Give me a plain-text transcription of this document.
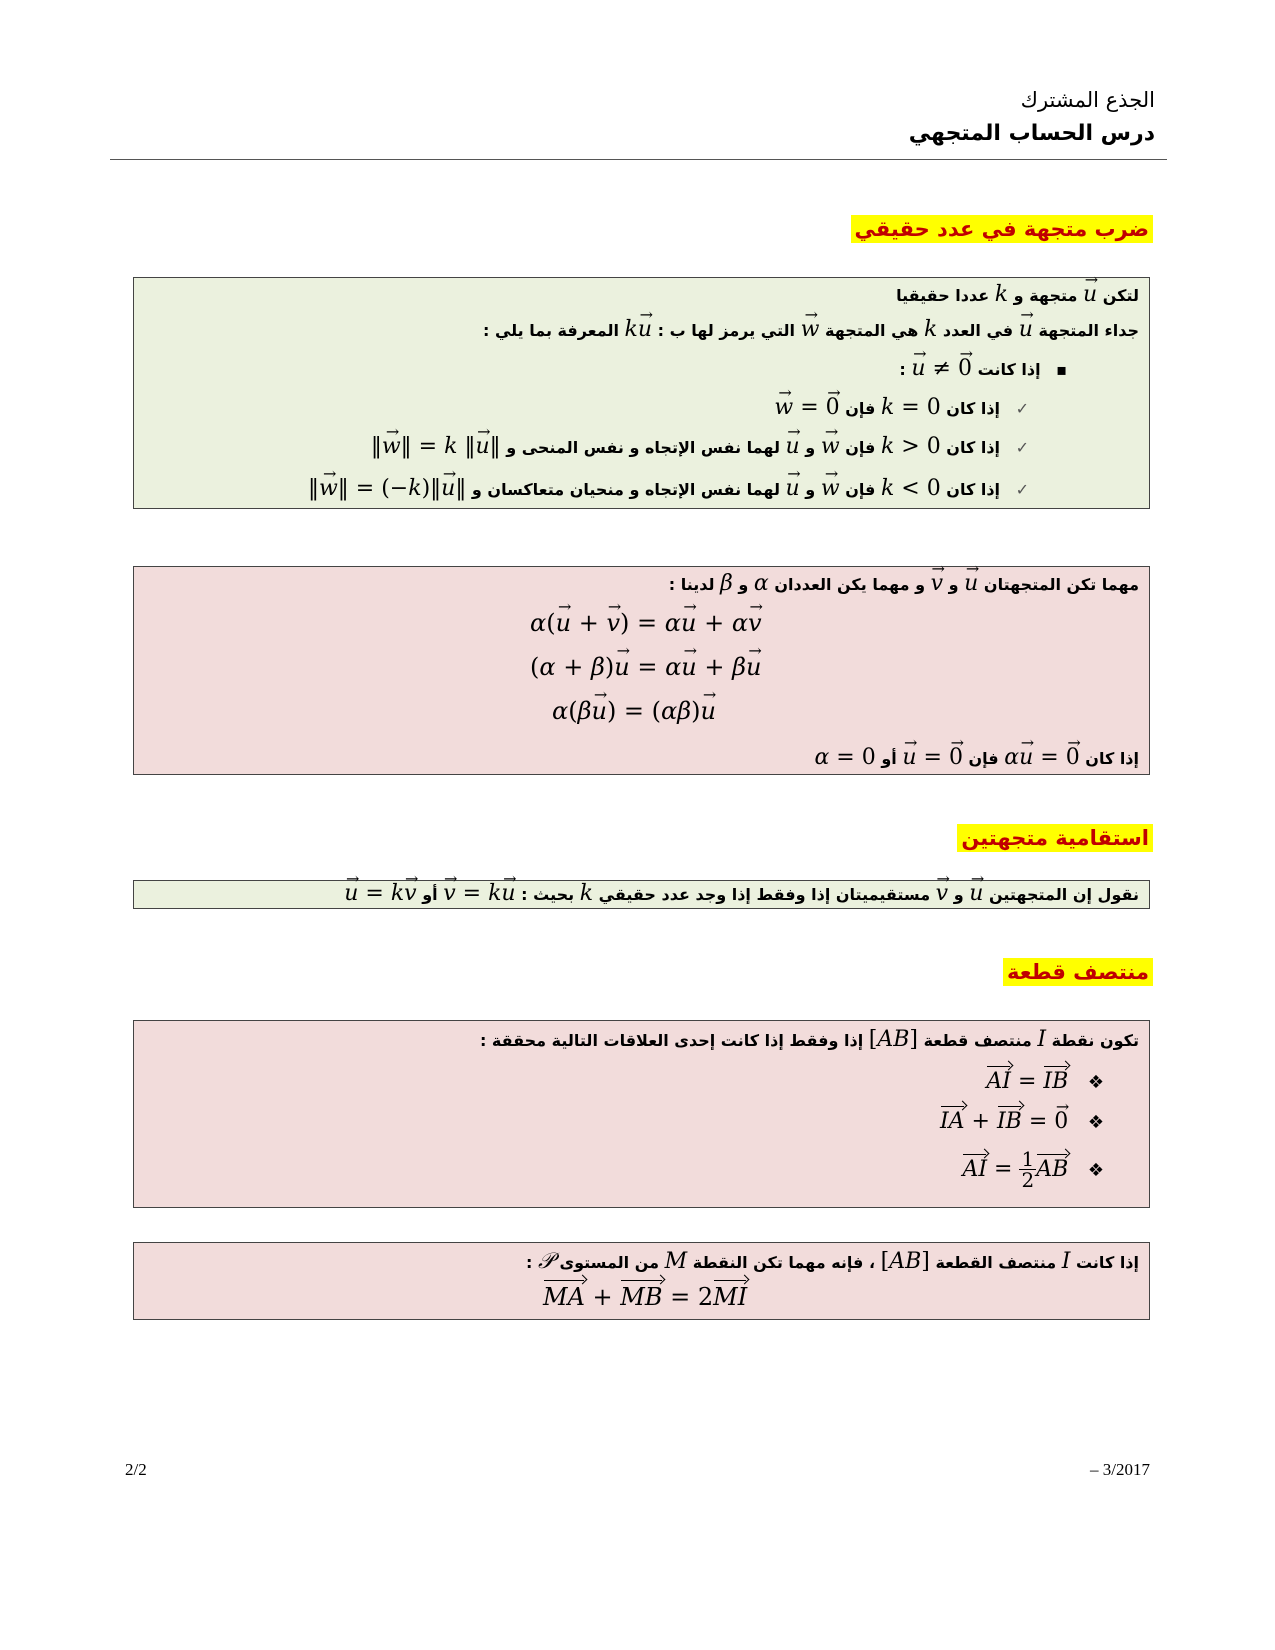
الجذع المشترك
درس الحساب المتجهي
ضرب متجهة في عدد حقيقي
لتكن → u متجهة و k عددا حقيقيا
جداء المتجهة → u في العدد k هي المتجهة → w التي يرمز لها ب : k→ u المعرفة بما يلي :
▪ إذا كانت → u ≠ → 0 :
✓ إذا كان k = 0 فإن → w = → 0
✓ إذا كان k > 0 فإن → w و → u لهما نفس الإتجاه و نفس المنحى و ‖→ w‖ = k ‖→ u‖
✓ إذا كان k < 0 فإن → w و → u لهما نفس الإتجاه و منحيان متعاكسان و ‖→ w‖ = (−k)‖→ u‖
مهما تكن المتجهتان → u و → v و مهما يكن العددان α و β لدينا :
α(→ u + → v) = α→ u + α→ v
(α + β)→ u = α→ u + β→ u
α(β→ u) = (αβ)→ u
إذا كان α→ u = → 0 فإن → u = → 0 أو α = 0
استقامية متجهتين
نقول إن المتجهتين → u و → v مستقيميتان إذا وفقط إذا وجد عدد حقيقي k بحيث : → v = k→ u أو → u = k→ v
منتصف قطعة
تكون نقطة I منتصف قطعة [AB] إذا وفقط إذا كانت إحدى العلاقات التالية محققة :
❖ AI = IB
❖ IA + IB = → 0
❖ AI = $\frac{1}{2}$ AB
إذا كانت I منتصف القطعة [AB] ، فإنه مهما تكن النقطة M من المستوى 𝒫 :
MA + MB = 2MI
2/2	– 3/2017
